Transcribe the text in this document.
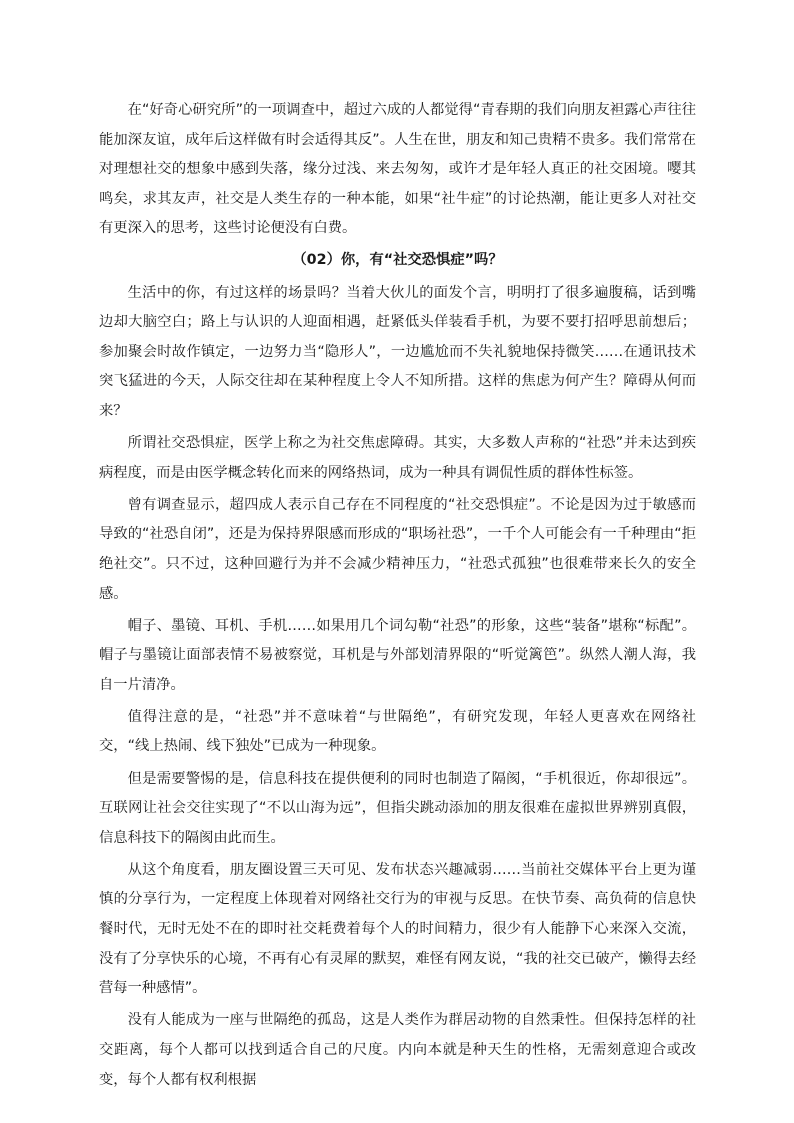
在“好奇心研究所”的一项调查中，超过六成的人都觉得“青春期的我们向朋友袒露心声往往能加深友谊，成年后这样做有时会适得其反”。人生在世，朋友和知己贵精不贵多。我们常常在对理想社交的想象中感到失落，缘分过浅、来去匆匆，或许才是年轻人真正的社交困境。嘤其鸣矣，求其友声，社交是人类生存的一种本能，如果“社牛症”的讨论热潮，能让更多人对社交有更深入的思考，这些讨论便没有白费。

（02）你，有“社交恐惧症”吗？

生活中的你，有过这样的场景吗？当着大伙儿的面发个言，明明打了很多遍腹稿，话到嘴边却大脑空白；路上与认识的人迎面相遇，赶紧低头佯装看手机，为要不要打招呼思前想后；参加聚会时故作镇定，一边努力当“隐形人”，一边尴尬而不失礼貌地保持微笑……在通讯技术突飞猛进的今天，人际交往却在某种程度上令人不知所措。这样的焦虑为何产生？障碍从何而来？

所谓社交恐惧症，医学上称之为社交焦虑障碍。其实，大多数人声称的“社恐”并未达到疾病程度，而是由医学概念转化而来的网络热词，成为一种具有调侃性质的群体性标签。

曾有调查显示，超四成人表示自己存在不同程度的“社交恐惧症”。不论是因为过于敏感而导致的“社恐自闭”，还是为保持界限感而形成的“职场社恐”，一千个人可能会有一千种理由“拒绝社交”。只不过，这种回避行为并不会减少精神压力，“社恐式孤独”也很难带来长久的安全感。

帽子、墨镜、耳机、手机……如果用几个词勾勒“社恐”的形象，这些“装备”堪称“标配”。帽子与墨镜让面部表情不易被察觉，耳机是与外部划清界限的“听觉篱笆”。纵然人潮人海，我自一片清净。

值得注意的是，“社恐”并不意味着“与世隔绝”，有研究发现，年轻人更喜欢在网络社交，“线上热闹、线下独处”已成为一种现象。

但是需要警惕的是，信息科技在提供便利的同时也制造了隔阂，“手机很近，你却很远”。互联网让社会交往实现了“不以山海为远”，但指尖跳动添加的朋友很难在虚拟世界辨别真假，信息科技下的隔阂由此而生。

从这个角度看，朋友圈设置三天可见、发布状态兴趣减弱……当前社交媒体平台上更为谨慎的分享行为，一定程度上体现着对网络社交行为的审视与反思。在快节奏、高负荷的信息快餐时代，无时无处不在的即时社交耗费着每个人的时间精力，很少有人能静下心来深入交流，没有了分享快乐的心境，不再有心有灵犀的默契，难怪有网友说，“我的社交已破产，懒得去经营每一种感情”。

没有人能成为一座与世隔绝的孤岛，这是人类作为群居动物的自然秉性。但保持怎样的社交距离，每个人都可以找到适合自己的尺度。内向本就是种天生的性格，无需刻意迎合或改变，每个人都有权利根据
